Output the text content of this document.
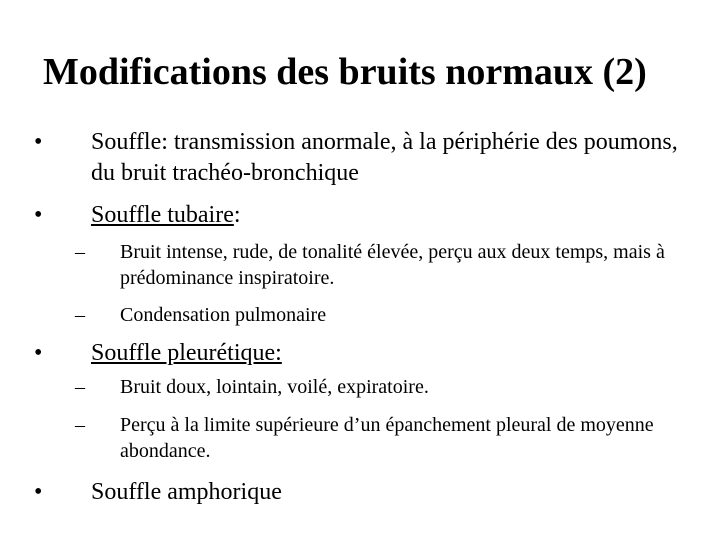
Modifications des bruits normaux (2)
• Souffle: transmission anormale, à la périphérie des poumons, du bruit trachéo-bronchique
• Souffle tubaire:
– Bruit intense, rude, de tonalité élevée, perçu aux deux temps, mais à prédominance inspiratoire.
– Condensation pulmonaire
• Souffle pleurétique:
– Bruit doux, lointain, voilé, expiratoire.
– Perçu à la limite supérieure d’un épanchement pleural de moyenne abondance.
• Souffle amphorique
